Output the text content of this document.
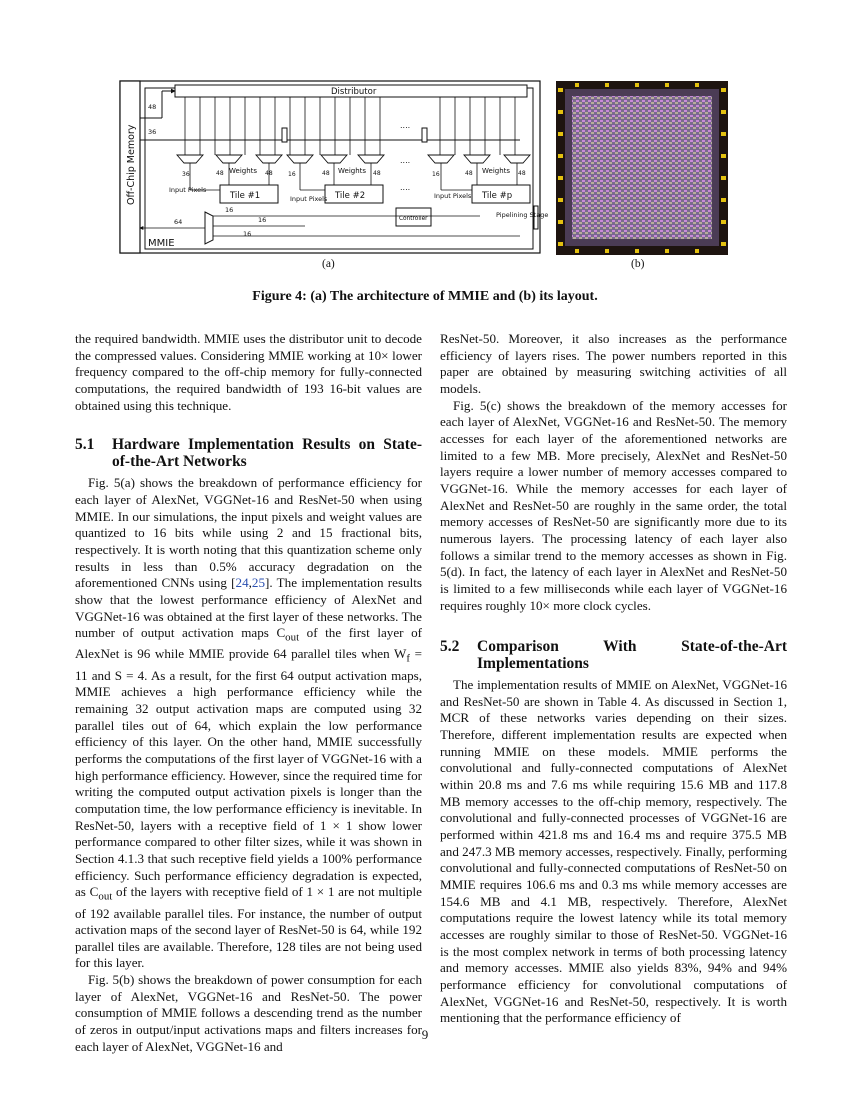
Off-Chip Memory
MMIE
Distributor
48
36
....
....
....
Tile #1	Tile #2	Tile #p
Weights	Weights	Weights
36	48	48	16	48	48	16	48	48
Input Pixels
Input Pixels	Input Pixels
Controller	Pipelining Stage
64
16
16
16
(a)	(b)
Figure 4: (a) The architecture of MMIE and (b) its layout.

the required bandwidth. MMIE uses the distributor unit to decode the compressed values. Considering MMIE working at 10× lower frequency compared to the off-chip memory for fully-connected computations, the required bandwidth of 193 16-bit values are obtained using this technique.

5.1	Hardware Implementation Results on State-of-the-Art Networks

Fig. 5(a) shows the breakdown of performance efficiency for each layer of AlexNet, VGGNet-16 and ResNet-50 when using MMIE. In our simulations, the input pixels and weight values are quantized to 16 bits while using 2 and 15 fractional bits, respectively. It is worth noting that this quantization scheme only results in less than 0.5% accuracy degradation on the aforementioned CNNs using [24,25]. The implementation results show that the lowest performance efficiency of AlexNet and VGGNet-16 was obtained at the first layer of these networks. The number of output activation maps $C_{out}$ of the first layer of AlexNet is 96 while MMIE provide 64 parallel tiles when $W_f = 11$ and S = 4. As a result, for the first 64 output activation maps, MMIE achieves a high performance efficiency while the remaining 32 output activation maps are computed using 32 parallel tiles out of 64, which explain the low performance efficiency of this layer. On the other hand, MMIE successfully performs the computations of the first layer of VGGNet-16 with a high performance efficiency. However, since the required time for writing the computed output activation pixels is longer than the computation time, the low performance efficiency is inevitable. In ResNet-50, layers with a receptive field of 1 × 1 show lower performance compared to other filter sizes, while it was shown in Section 4.1.3 that such receptive field yields a 100% performance efficiency. Such performance efficiency degradation is expected, as $C_{out}$ of the layers with receptive field of 1 × 1 are not multiple of 192 available parallel tiles. For instance, the number of output activation maps of the second layer of ResNet-50 is 64, while 192 parallel tiles are available. Therefore, 128 tiles are not being used for this layer.

Fig. 5(b) shows the breakdown of power consumption for each layer of AlexNet, VGGNet-16 and ResNet-50. The power consumption of MMIE follows a descending trend as the number of zeros in output/input activations maps and filters increases for each layer of AlexNet, VGGNet-16 and

ResNet-50. Moreover, it also increases as the performance efficiency of layers rises. The power numbers reported in this paper are obtained by measuring switching activities of all models.

Fig. 5(c) shows the breakdown of the memory accesses for each layer of AlexNet, VGGNet-16 and ResNet-50. The memory accesses for each layer of the aforementioned networks are limited to a few MB. More precisely, AlexNet and ResNet-50 layers require a lower number of memory accesses compared to VGGNet-16. While the memory accesses for each layer of AlexNet and ResNet-50 are roughly in the same order, the total memory accesses of ResNet-50 are significantly more due to its numerous layers. The processing latency of each layer also follows a similar trend to the memory accesses as shown in Fig. 5(d). In fact, the latency of each layer in AlexNet and ResNet-50 is limited to a few milliseconds while each layer of VGGNet-16 requires roughly 10× more clock cycles.

5.2	Comparison With State-of-the-Art Implementations

The implementation results of MMIE on AlexNet, VGGNet-16 and ResNet-50 are shown in Table 4. As discussed in Section 1, MCR of these networks varies depending on their sizes. Therefore, different implementation results are expected when running MMIE on these models. MMIE performs the convolutional and fully-connected computations of AlexNet within 20.8 ms and 7.6 ms while requiring 15.6 MB and 117.8 MB memory accesses to the off-chip memory, respectively. The convolutional and fully-connected processes of VGGNet-16 are performed within 421.8 ms and 16.4 ms and require 375.5 MB and 247.3 MB memory accesses, respectively. Finally, performing convolutional and fully-connected computations of ResNet-50 on MMIE requires 106.6 ms and 0.3 ms while memory accesses are 154.6 MB and 4.1 MB, respectively. Therefore, AlexNet computations require the lowest latency while its total memory accesses are roughly similar to those of ResNet-50. VGGNet-16 is the most complex network in terms of both processing latency and memory accesses. MMIE also yields 83%, 94% and 94% performance efficiency for convolutional computations of AlexNet, VGGNet-16 and ResNet-50, respectively. It is worth mentioning that the performance efficiency of

9
